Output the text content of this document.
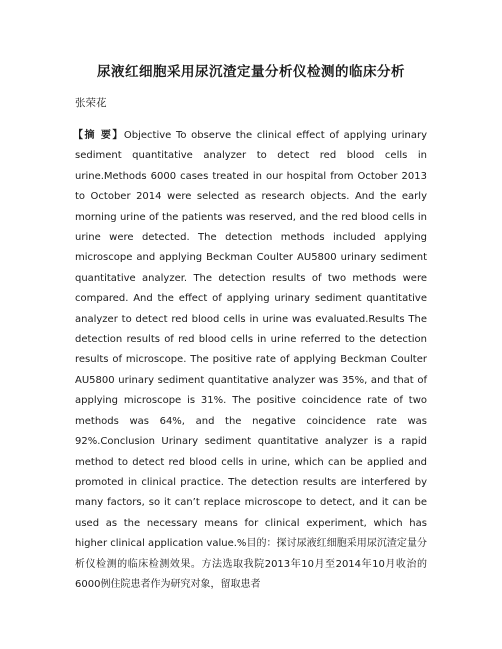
尿液红细胞采用尿沉渣定量分析仪检测的临床分析
张荣花

【摘 要】Objective To observe the clinical effect of applying urinary sediment quantitative analyzer to detect red blood cells in urine.Methods 6000 cases treated in our hospital from October 2013 to October 2014 were selected as research objects. And the early morning urine of the patients was reserved, and the red blood cells in urine were detected. The detection methods included applying microscope and applying Beckman Coulter AU5800 urinary sediment quantitative analyzer. The detection results of two methods were compared. And the effect of applying urinary sediment quantitative analyzer to detect red blood cells in urine was evaluated.Results The detection results of red blood cells in urine referred to the detection results of microscope. The positive rate of applying Beckman Coulter AU5800 urinary sediment quantitative analyzer was 35%, and that of applying microscope is 31%. The positive coincidence rate of two methods was 64%, and the negative coincidence rate was 92%.Conclusion Urinary sediment quantitative analyzer is a rapid method to detect red blood cells in urine, which can be applied and promoted in clinical practice. The detection results are interfered by many factors, so it can’t replace microscope to detect, and it can be used as the necessary means for clinical experiment, which has higher clinical application value.%目的：探讨尿液红细胞采用尿沉渣定量分析仪检测的临床检测效果。方法选取我院2013年10月至2014年10月收治的6000例住院患者作为研究对象，留取患者
